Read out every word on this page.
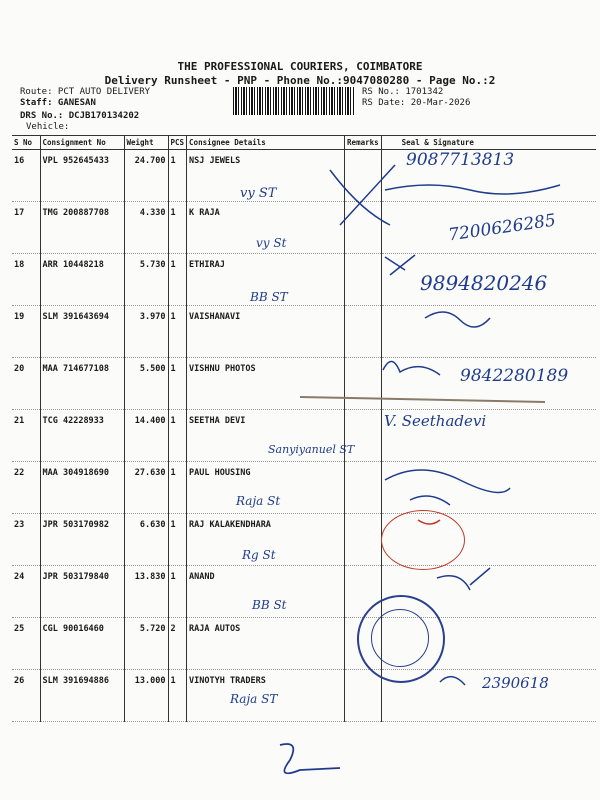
THE PROFESSIONAL COURIERS, COIMBATORE
Delivery Runsheet - PNP - Phone No.:9047080280 - Page No.:2
Route: PCT AUTO DELIVERY
Staff: GANESAN
DRS No.: DCJB170134202
Vehicle:
RS No.: 1701342
RS Date: 20-Mar-2026
S No	Consignment No	Weight	PCS	Consignee Details	Remarks	Seal & Signature
16	VPL 952645433	24.700	1	NSJ JEWELS		
17	TMG 200887708	4.330	1	K RAJA		
18	ARR 10448218	5.730	1	ETHIRAJ		
19	SLM 391643694	3.970	1	VAISHANAVI		
20	MAA 714677108	5.500	1	VISHNU PHOTOS		
21	TCG 42228933	14.400	1	SEETHA DEVI		
22	MAA 304918690	27.630	1	PAUL HOUSING		
23	JPR 503170982	6.630	1	RAJ KALAKENDHARA		
24	JPR 503179840	13.830	1	ANAND		
25	CGL 90016460	5.720	2	RAJA AUTOS		
26	SLM 391694886	13.000	1	VINOTYH TRADERS		
9087713813
vy ST
7200626285
vy St
9894820246
BB ST
9842280189
Sanyiyanuel ST
V. Seethadevi
Raja St
Rg St
BB St
Raja ST
2390618
